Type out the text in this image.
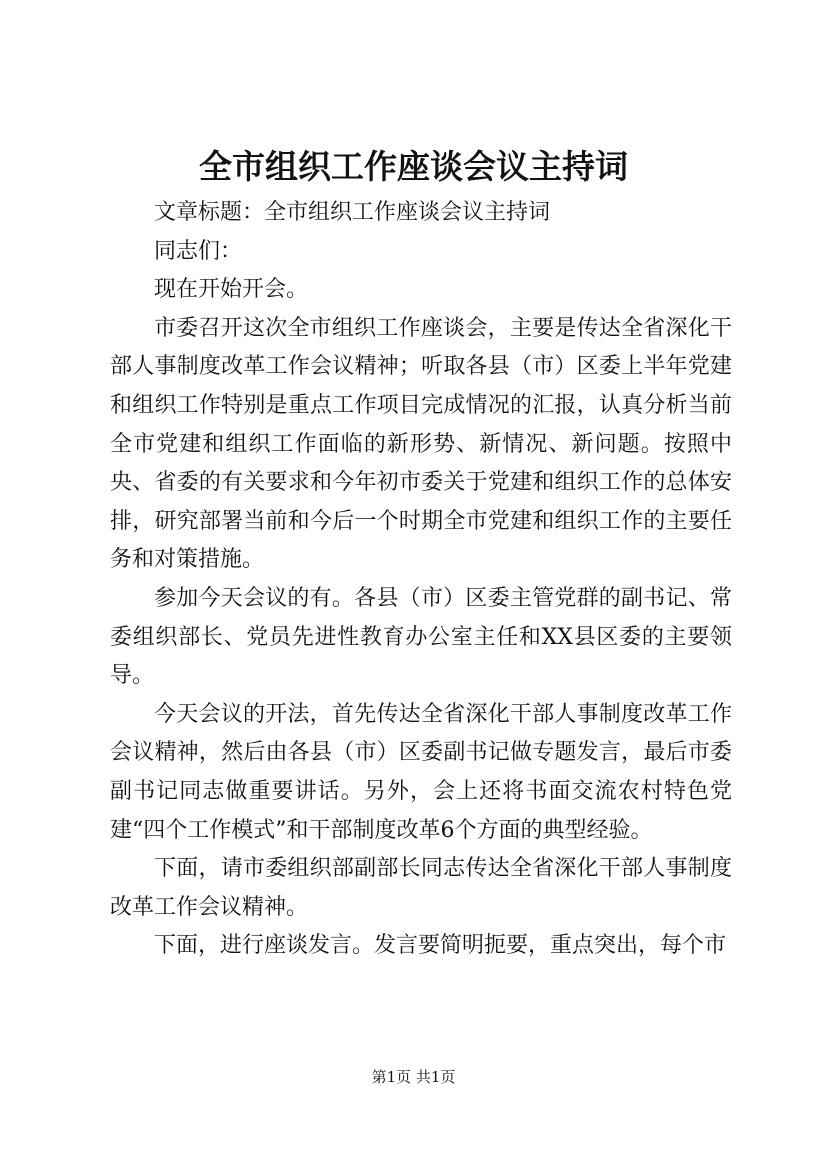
全市组织工作座谈会议主持词

文章标题：全市组织工作座谈会议主持词

同志们：

现在开始开会。

市委召开这次全市组织工作座谈会，主要是传达全省深化干部人事制度改革工作会议精神；听取各县（市）区委上半年党建和组织工作特别是重点工作项目完成情况的汇报，认真分析当前全市党建和组织工作面临的新形势、新情况、新问题。按照中央、省委的有关要求和今年初市委关于党建和组织工作的总体安排，研究部署当前和今后一个时期全市党建和组织工作的主要任务和对策措施。

参加今天会议的有。各县（市）区委主管党群的副书记、常委组织部长、党员先进性教育办公室主任和XX县区委的主要领导。

今天会议的开法，首先传达全省深化干部人事制度改革工作会议精神，然后由各县（市）区委副书记做专题发言，最后市委副书记同志做重要讲话。另外，会上还将书面交流农村特色党建“四个工作模式”和干部制度改革6个方面的典型经验。

下面，请市委组织部副部长同志传达全省深化干部人事制度改革工作会议精神。

下面，进行座谈发言。发言要简明扼要，重点突出，每个市

第1页 共1页
